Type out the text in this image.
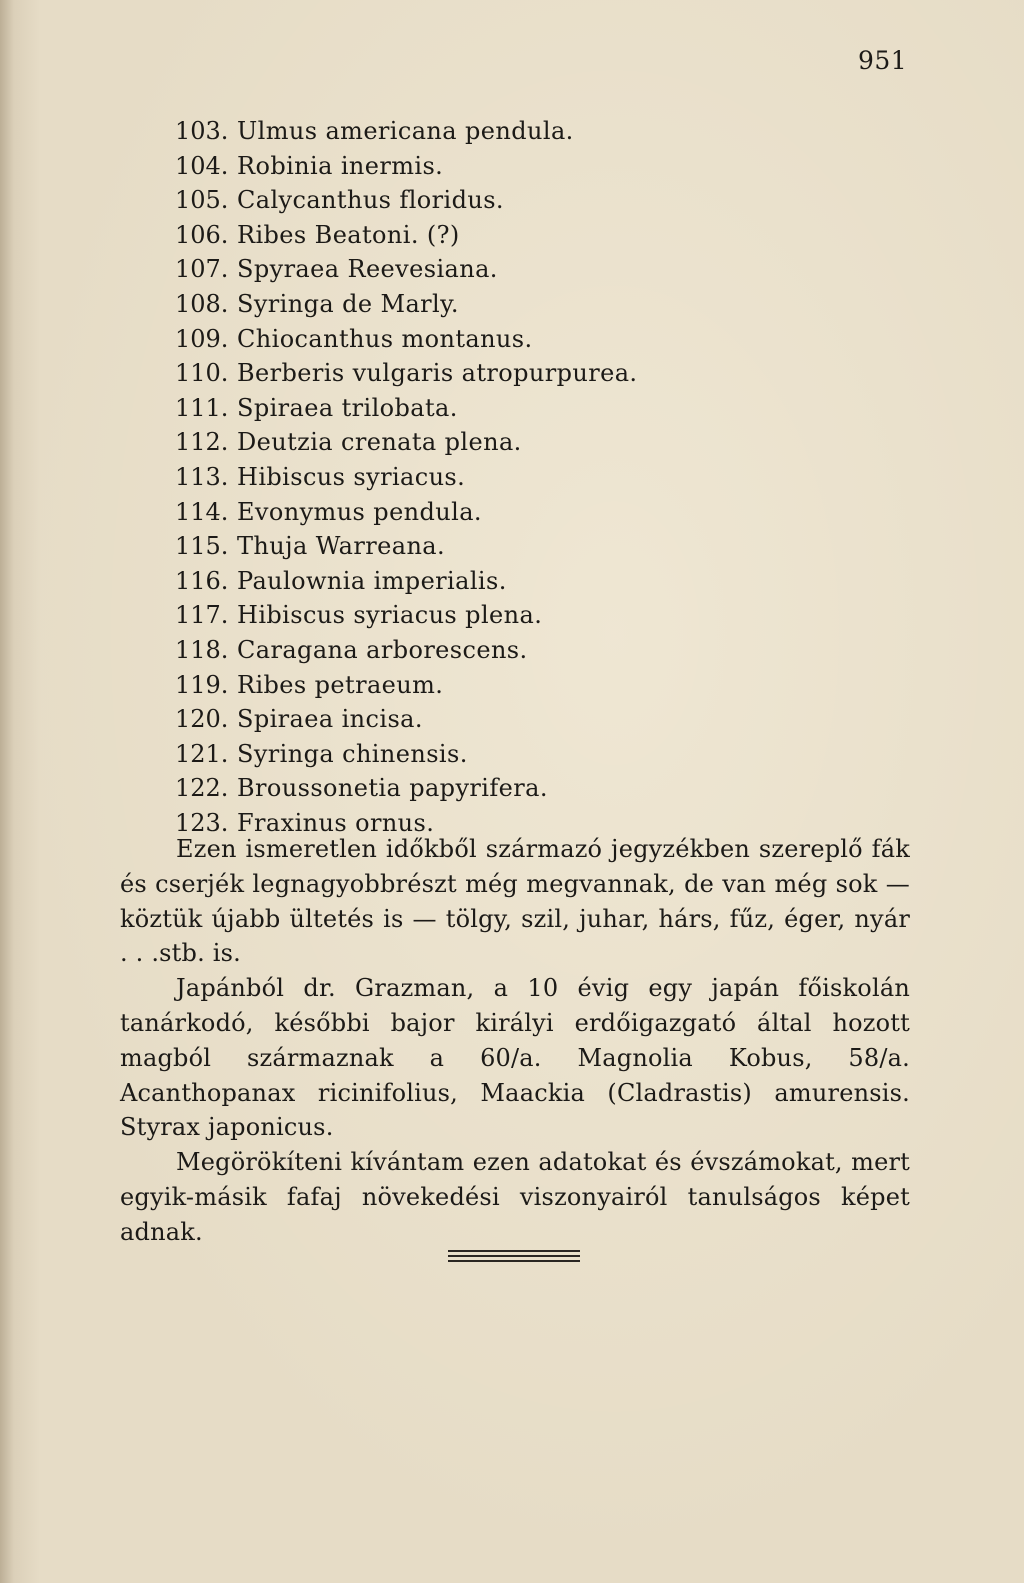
951
103. Ulmus americana pendula.
104. Robinia inermis.
105. Calycanthus floridus.
106. Ribes Beatoni. (?)
107. Spyraea Reevesiana.
108. Syringa de Marly.
109. Chiocanthus montanus.
110. Berberis vulgaris atropurpurea.
111. Spiraea trilobata.
112. Deutzia crenata plena.
113. Hibiscus syriacus.
114. Evonymus pendula.
115. Thuja Warreana.
116. Paulownia imperialis.
117. Hibiscus syriacus plena.
118. Caragana arborescens.
119. Ribes petraeum.
120. Spiraea incisa.
121. Syringa chinensis.
122. Broussonetia papyrifera.
123. Fraxinus ornus.

Ezen ismeretlen időkből származó jegyzékben szereplő fák és cserjék legnagyobbrészt még megvannak, de van még sok — köztük újabb ültetés is — tölgy, szil, juhar, hárs, fűz, éger, nyár . . .stb. is.

Japánból dr. Grazman, a 10 évig egy japán főiskolán tanárkodó, későbbi bajor királyi erdőigazgató által hozott magból származnak a 60/a. Magnolia Kobus, 58/a. Acanthopanax ricinifolius, Maackia (Cladrastis) amurensis. Styrax japonicus.

Megörökíteni kívántam ezen adatokat és évszámokat, mert egyik-másik fafaj növekedési viszonyairól tanulságos képet adnak.
